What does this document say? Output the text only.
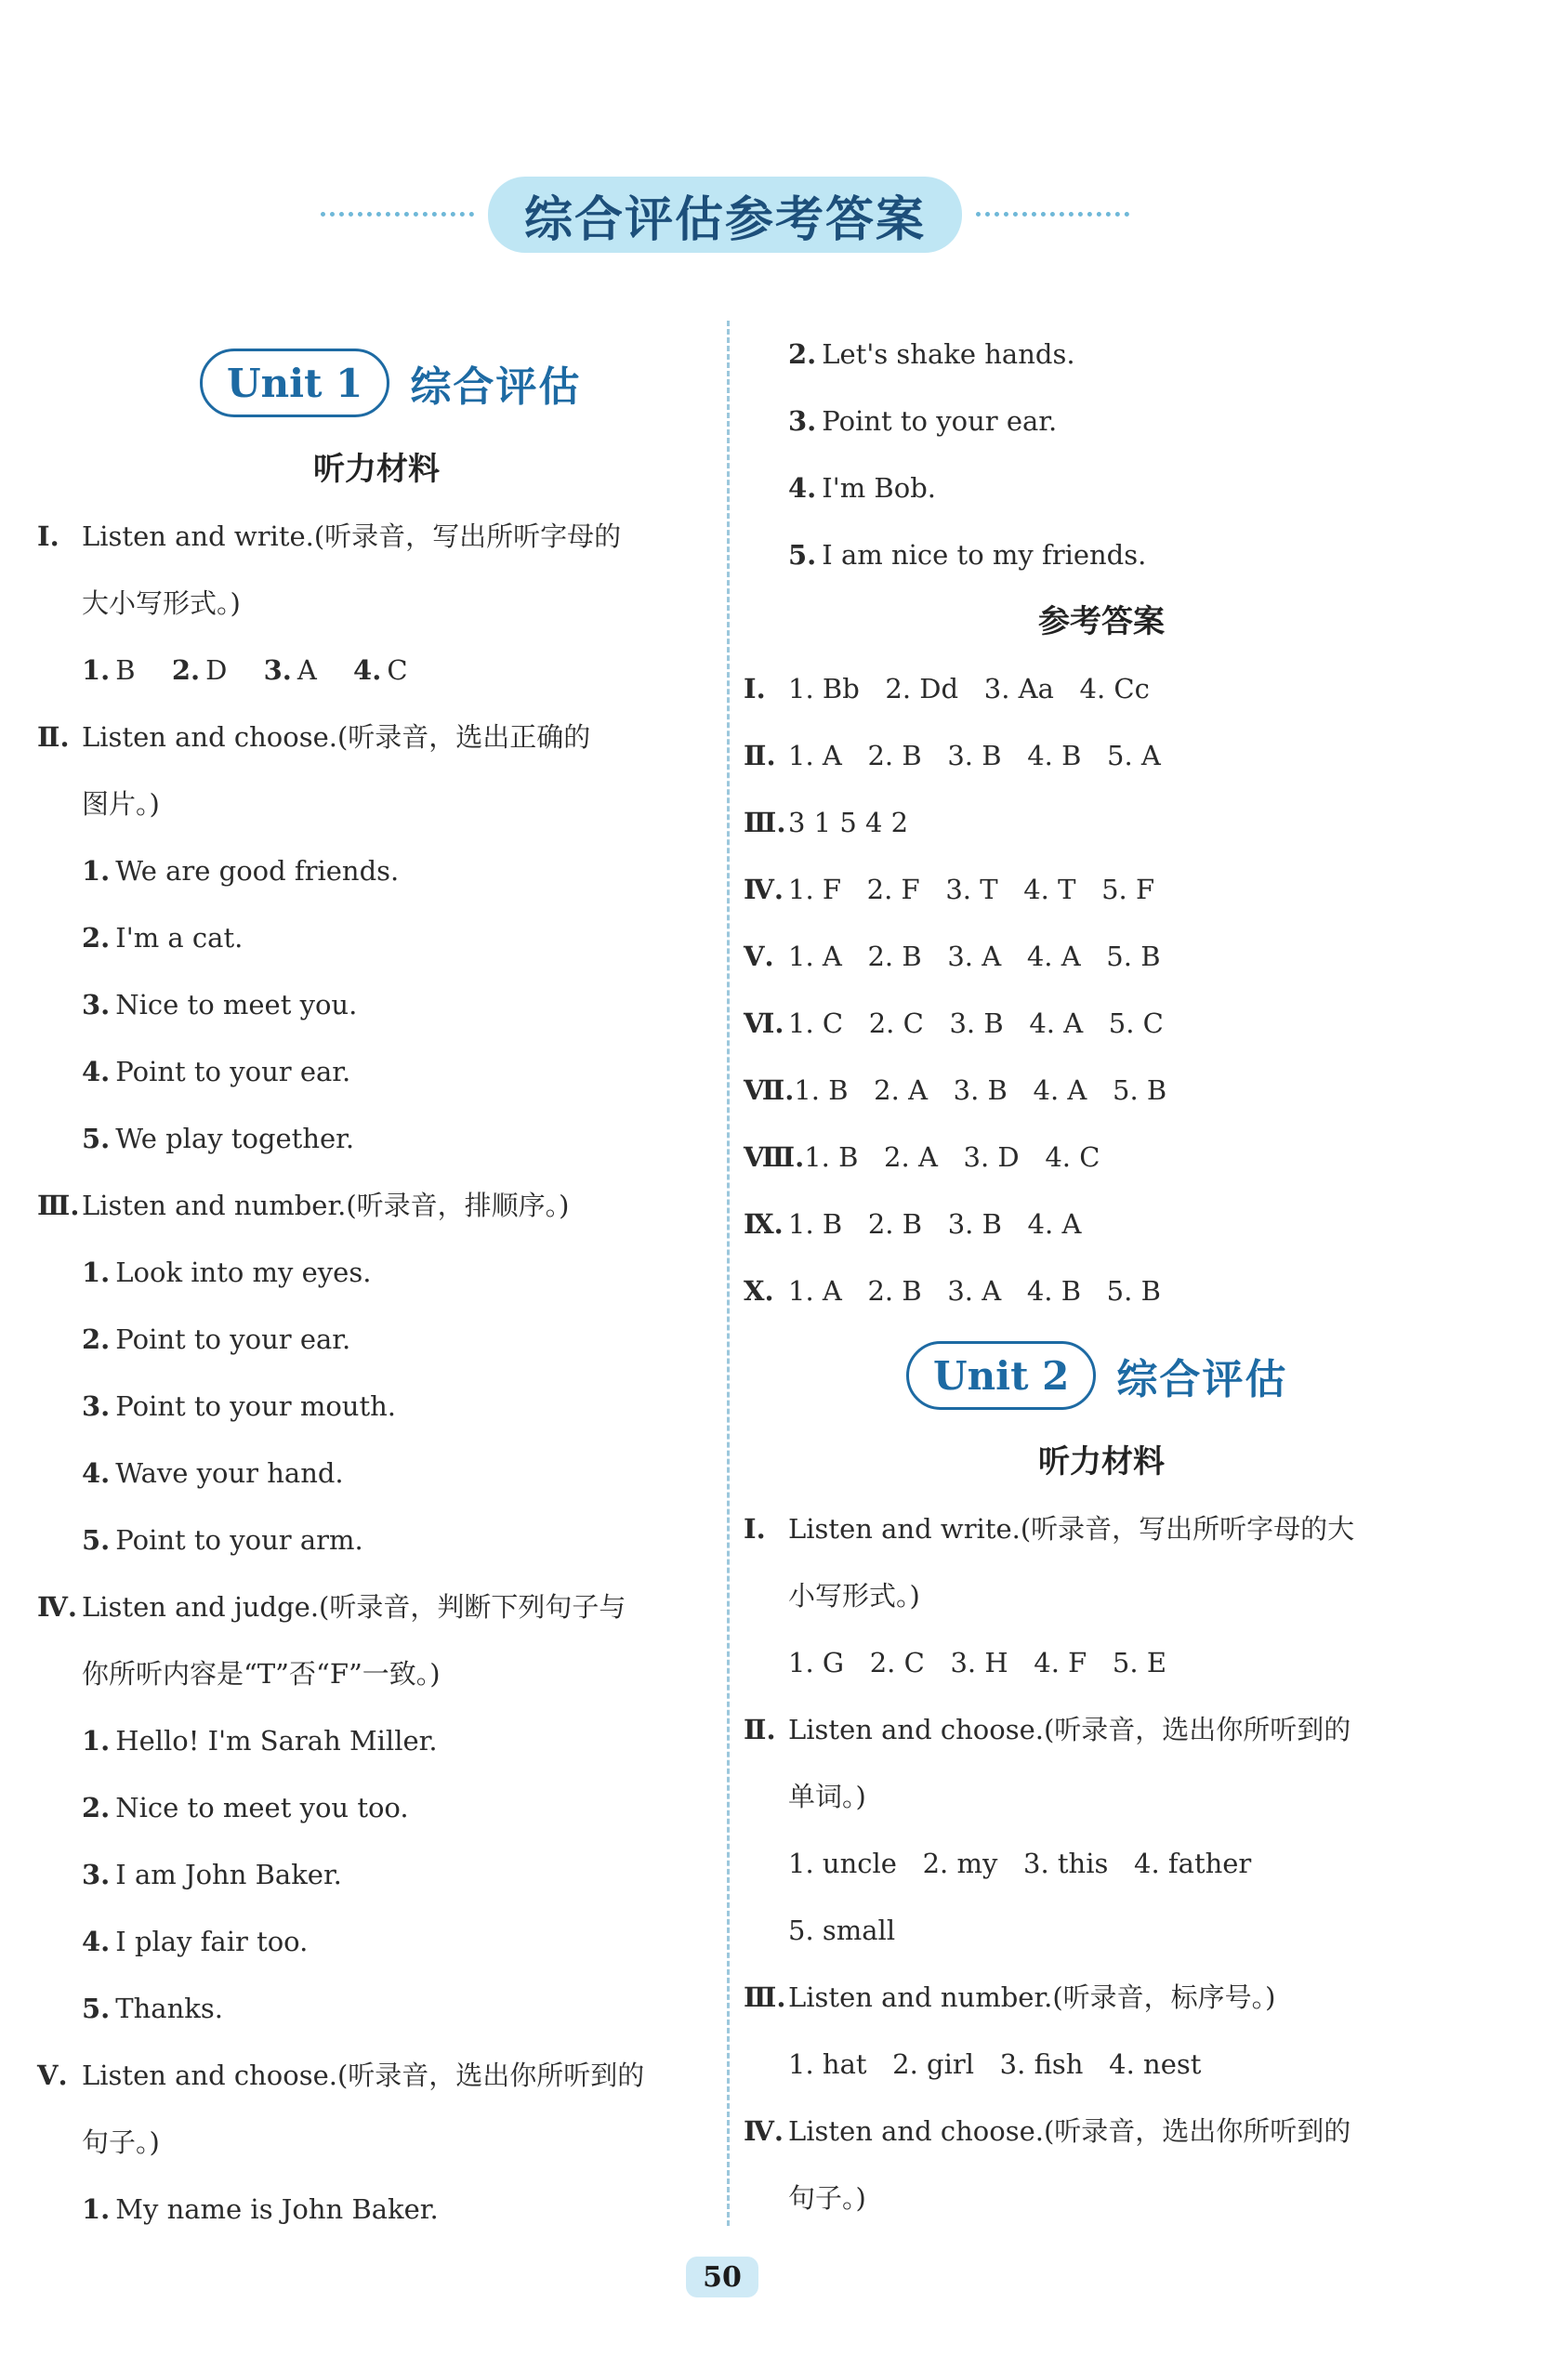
综合评估参考答案
Unit 1	综合评估
听力材料
Ⅰ. Listen and write.(听录音，写出所听字母的
大小写形式。)
1. B 2. D 3. A 4. C
Ⅱ. Listen and choose.(听录音，选出正确的
图片。)
1. We are good friends.
2. I'm a cat.
3. Nice to meet you.
4. Point to your ear.
5. We play together.
Ⅲ.Listen and number.(听录音，排顺序。)
1. Look into my eyes.
2. Point to your ear.
3. Point to your mouth.
4. Wave your hand.
5. Point to your arm.
Ⅳ. Listen and judge.(听录音，判断下列句子与
你所听内容是“T”否“F”一致。)
1. Hello! I'm Sarah Miller.
2. Nice to meet you too.
3. I am John Baker.
4. I play fair too.
5. Thanks.
Ⅴ. Listen and choose.(听录音，选出你所听到的
句子。)
1. My name is John Baker.
2. Let's shake hands.
3. Point to your ear.
4. I'm Bob.
5. I am nice to my friends.
参考答案
Ⅰ. 1. Bb   2. Dd   3. Aa   4. Cc
Ⅱ. 1. A   2. B   3. B   4. B   5. A
Ⅲ.3 1 5 4 2
Ⅳ. 1. F   2. F   3. T   4. T   5. F
Ⅴ. 1. A   2. B   3. A   4. A   5. B
Ⅵ. 1. C   2. C   3. B   4. A   5. C
Ⅶ.1. B   2. A   3. B   4. A   5. B
Ⅷ.1. B   2. A   3. D   4. C
Ⅸ. 1. B   2. B   3. B   4. A
Ⅹ. 1. A   2. B   3. A   4. B   5. B
Unit 2	综合评估
听力材料
Ⅰ. Listen and write.(听录音，写出所听字母的大
小写形式。)
1. G   2. C   3. H   4. F   5. E
Ⅱ. Listen and choose.(听录音，选出你所听到的
单词。)
1. uncle   2. my   3. this   4. father
5. small
Ⅲ.Listen and number.(听录音，标序号。)
1. hat   2. girl   3. fish   4. nest
Ⅳ. Listen and choose.(听录音，选出你所听到的
句子。)
50
